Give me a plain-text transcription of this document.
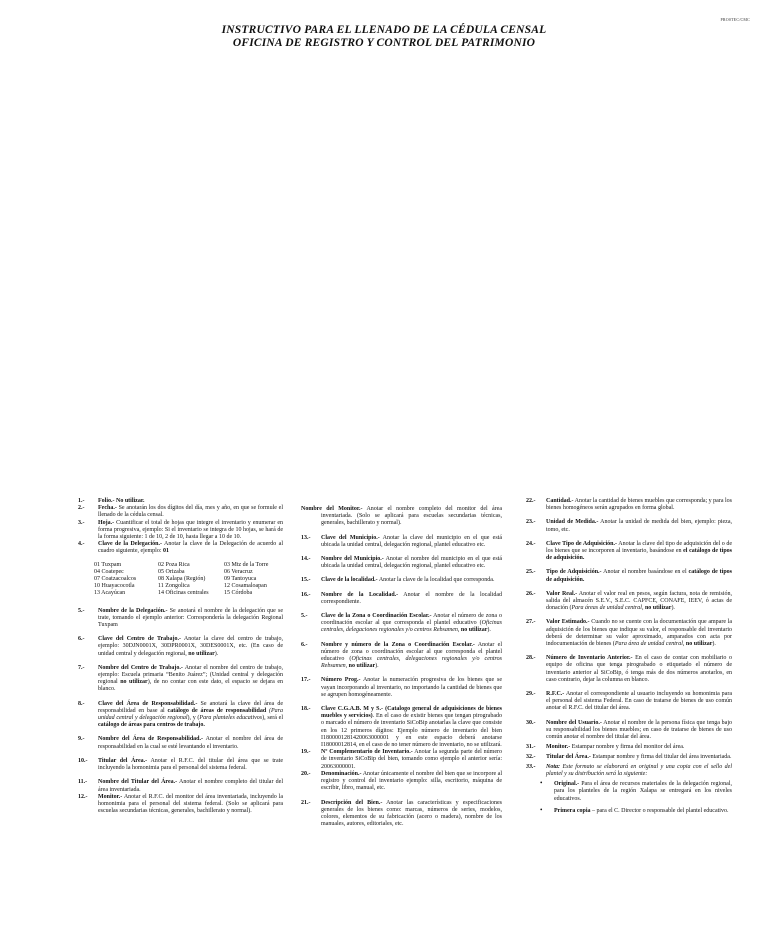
PRO0TEC/CMC
INSTRUCTIVO PARA EL LLENADO DE LA CÉDULA CENSAL
OFICINA DE REGISTRO Y CONTROL DEL PATRIMONIO
1.- Folio.- No utilizar.
2.- Fecha.- Se anotarán los dos dígitos del día, mes y año, en que se formule el llenado de la cédula censal.
3.- Hoja.- Cuantificar el total de hojas que integre el inventario y enumerar en forma progresiva, ejemplo: Si el inventario se integra de 10 hojas, se hará de la forma siguiente: 1 de 10, 2 de 10, hasta llegar a 10 de 10.
4.- Clave de la Delegación.- Anotar la clave de la Delegación de acuerdo al cuadro siguiente, ejemplo: 01
01 Tuxpam	02 Poza Rica	03 Mtz de la Torre
04 Coatepec	05 Orizaba	06 Veracruz
07 Coatzacoalcos	08 Xalapa (Región)	09 Tantoyuca
10 Huayacocotla	11 Zongolica	12 Cosamaloapan
13 Acayúcan	14 Oficinas centrales	15 Córdoba
5.- Nombre de la Delegación.- Se anotará el nombre de la delegación que se trate, tomando el ejemplo anterior: Correspondería la delegación Regional Tuxpam
6.- Clave del Centro de Trabajo.- Anotar la clave del centro de trabajo, ejemplo: 30DJN0001X, 30DPR0001X, 30DES0001X, etc. (En caso de unidad central y delegación regional, no utilizar).
7.- Nombre del Centro de Trabajo.- Anotar el nombre del centro de trabajo, ejemplo: Escuela primaria “Benito Juárez”; (Unidad central y delegación regional no utilizar), de no contar con este dato, el espacio se dejara en blanco.
8.- Clave del Área de Responsabilidad.- Se anotará la clave del área de responsabilidad en base al catálogo de áreas de responsabilidad (Para unidad central y delegación regional), y (Para planteles educativos), será el catálogo de áreas para centros de trabajo.
9.- Nombre del Área de Responsabilidad.- Anotar el nombre del área de responsabilidad en la cual se esté levantando el inventario.
10.- Titular del Área.- Anotar el R.F.C. del titular del área que se trate incluyendo la homonimia para el personal del sistema federal.
11.- Nombre del Titular del Área.- Anotar el nombre completo del titular del área inventariada.
12.- Monitor.- Anotar el R.F.C. del monitor del área inventariada, incluyendo la homonimia para el personal del sistema federal. (Solo se aplicará para escuelas secundarias técnicas, generales, bachillerato y normal).
Nombre del Monitor.- Anotar el nombre completo del monitor del área inventariada. (Solo se aplicará para escuelas secundarias técnicas, generales, bachillerato y normal).
13.- Clave del Municipio.- Anotar la clave del municipio en el que está ubicada la unidad central, delegación regional, plantel educativo etc.
14.- Nombre del Municipio.- Anotar el nombre del municipio en el que está ubicada la unidad central, delegación regional, plantel educativo etc.
15.- Clave de la localidad.- Anotar la clave de la localidad que corresponda.
16.- Nombre de la Localidad.- Anotar el nombre de la localidad correspondiente.
5.- Clave de la Zona o Coordinación Escolar.- Anotar el número de zona o coordinación escolar al que corresponda el plantel educativo (Oficinas centrales, delegaciones regionales y/o centros Rebsamen, no utilizar).
6.- Nombre y número de la Zona o Coordinación Escolar.- Anotar el número de zona o coordinación escolar al que corresponda el plantel educativo (Oficinas centrales, delegaciones regionales y/o centros Rebsamen, no utilizar).
17.- Número Prog.- Anotar la numeración progresiva de los bienes que se vayan incorporando al inventario, no importando la cantidad de bienes que se agrupen homogéneamente.
18.- Clave C.G.A.B. M y S.- (Catalogo general de adquisiciones de bienes muebles y servicios). En el caso de existir bienes que tengan pirograbado o marcado el número de inventario SiCoBip anotarlas la clave que consiste en los 12 primeros dígitos: Ejemplo número de inventario del bien I1800001281420063000001 y en este espacio deberá anotarse I18000012814, en el caso de no tener número de inventario, no se utilizará.
19.- Nº Complementario de Inventario.- Anotar la segunda parte del número de inventario SiCoBip del bien, tomando como ejemplo el anterior sería: 20063000001.
20.- Denominación.- Anotar únicamente el nombre del bien que se incorpore al registro y control del inventario ejemplo: silla, escritorio, máquina de escribir, libro, manual, etc.
21.- Descripción del Bien.- Anotar las características y especificaciones generales de los bienes como: marcas, números de series, modelos, colores, elementos de su fabricación (acero o madera), nombre de los manuales, autores, editoriales, etc.
22.- Cantidad.- Anotar la cantidad de bienes muebles que corresponda; y para los bienes homogéneos serán agrupados en forma global.
23.- Unidad de Medida.- Anotar la unidad de medida del bien, ejemplo: pieza, tomo, etc.
24.- Clave Tipo de Adquisición.- Anotar la clave del tipo de adquisición del o de los bienes que se incorporen al inventario, basándose en el catálogo de tipos de adquisición.
25.- Tipo de Adquisición.- Anotar el nombre basándose en el catálogo de tipos de adquisición.
26.- Valor Real.- Anotar el valor real en pesos, según factura, nota de remisión, salida del almacén S.E.V., S.E.C. CAPFCE, CONAFE, IEEV, ó actas de donación (Para áreas de unidad central, no utilizar).
27.- Valor Estimado.- Cuando no se cuente con la documentación que ampare la adquisición de los bienes que indique su valor, el responsable del inventario deberá de determinar su valor aproximado, amparados con acta por indocumentación de bienes (Para área de unidad central, no utilizar).
28.- Número de Inventario Anterior.- En el caso de contar con mobiliario o equipo de oficina que tenga pirograbado o etiquetado el número de inventario anterior al SiCoBip, ó tenga más de dos números anotarlos, en caso contrario, dejar la columna en blanco.
29.- R.F.C.- Anotar el correspondiente al usuario incluyendo su homonimia para el personal del sistema Federal. En caso de tratarse de bienes de uso común anotar el R.F.C. del titular del área.
30.- Nombre del Usuario.- Anotar el nombre de la persona física que tenga bajo su responsabilidad los bienes muebles; en caso de tratarse de bienes de uso común anotar el nombre del titular del área.
31.- Monitor.- Estampar nombre y firma del monitor del área.
32.- Titular del Área.- Estampar nombre y firma del titular del área inventariada.
33.- Nota: Este formato se elaborará en original y una copia con el sello del plantel y su distribución será la siguiente:
• Original.- Para el área de recursos materiales de la delegación regional, para los planteles de la región Xalapa se entregará en los niveles educativos.
• Primera copia – para el C. Director o responsable del plantel educativo.
